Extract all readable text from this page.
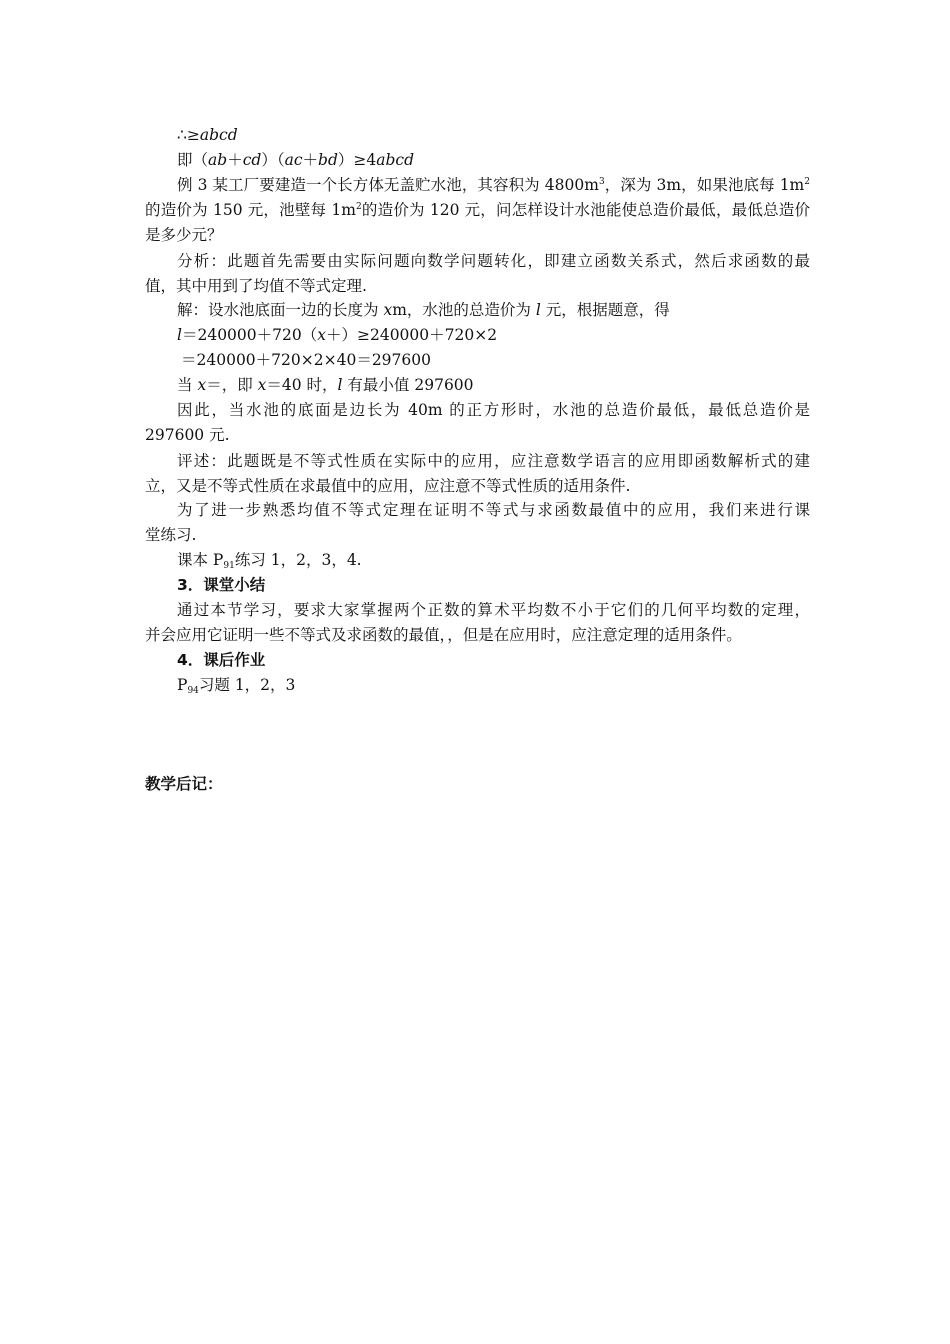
∴≥abcd
即（ab＋cd）（ac＋bd）≥4abcd
例 3 某工厂要建造一个长方体无盖贮水池，其容积为 $4800m^3$，深为 3m，如果池底每 $1m^2$
的造价为 150 元，池壁每 $1m^2$的造价为 120 元，问怎样设计水池能使总造价最低，最低总造价
是多少元？
分析：此题首先需要由实际问题向数学问题转化，即建立函数关系式，然后求函数的最
值，其中用到了均值不等式定理.
解：设水池底面一边的长度为 xm，水池的总造价为 l 元，根据题意，得
l＝240000＋720（x＋）≥240000＋720×2
＝240000＋720×2×40＝297600
当 x＝，即 x＝40 时，l 有最小值 297600
因此，当水池的底面是边长为 40m 的正方形时，水池的总造价最低，最低总造价是
297600 元.
评述：此题既是不等式性质在实际中的应用，应注意数学语言的应用即函数解析式的建
立，又是不等式性质在求最值中的应用，应注意不等式性质的适用条件.
为了进一步熟悉均值不等式定理在证明不等式与求函数最值中的应用，我们来进行课
堂练习.
课本 $P_{91}$练习 1，2，3，4.
3．课堂小结
通过本节学习，要求大家掌握两个正数的算术平均数不小于它们的几何平均数的定理，
并会应用它证明一些不等式及求函数的最值，，但是在应用时，应注意定理的适用条件。
4．课后作业
$P_{94}$习题 1，2，3
教学后记：
